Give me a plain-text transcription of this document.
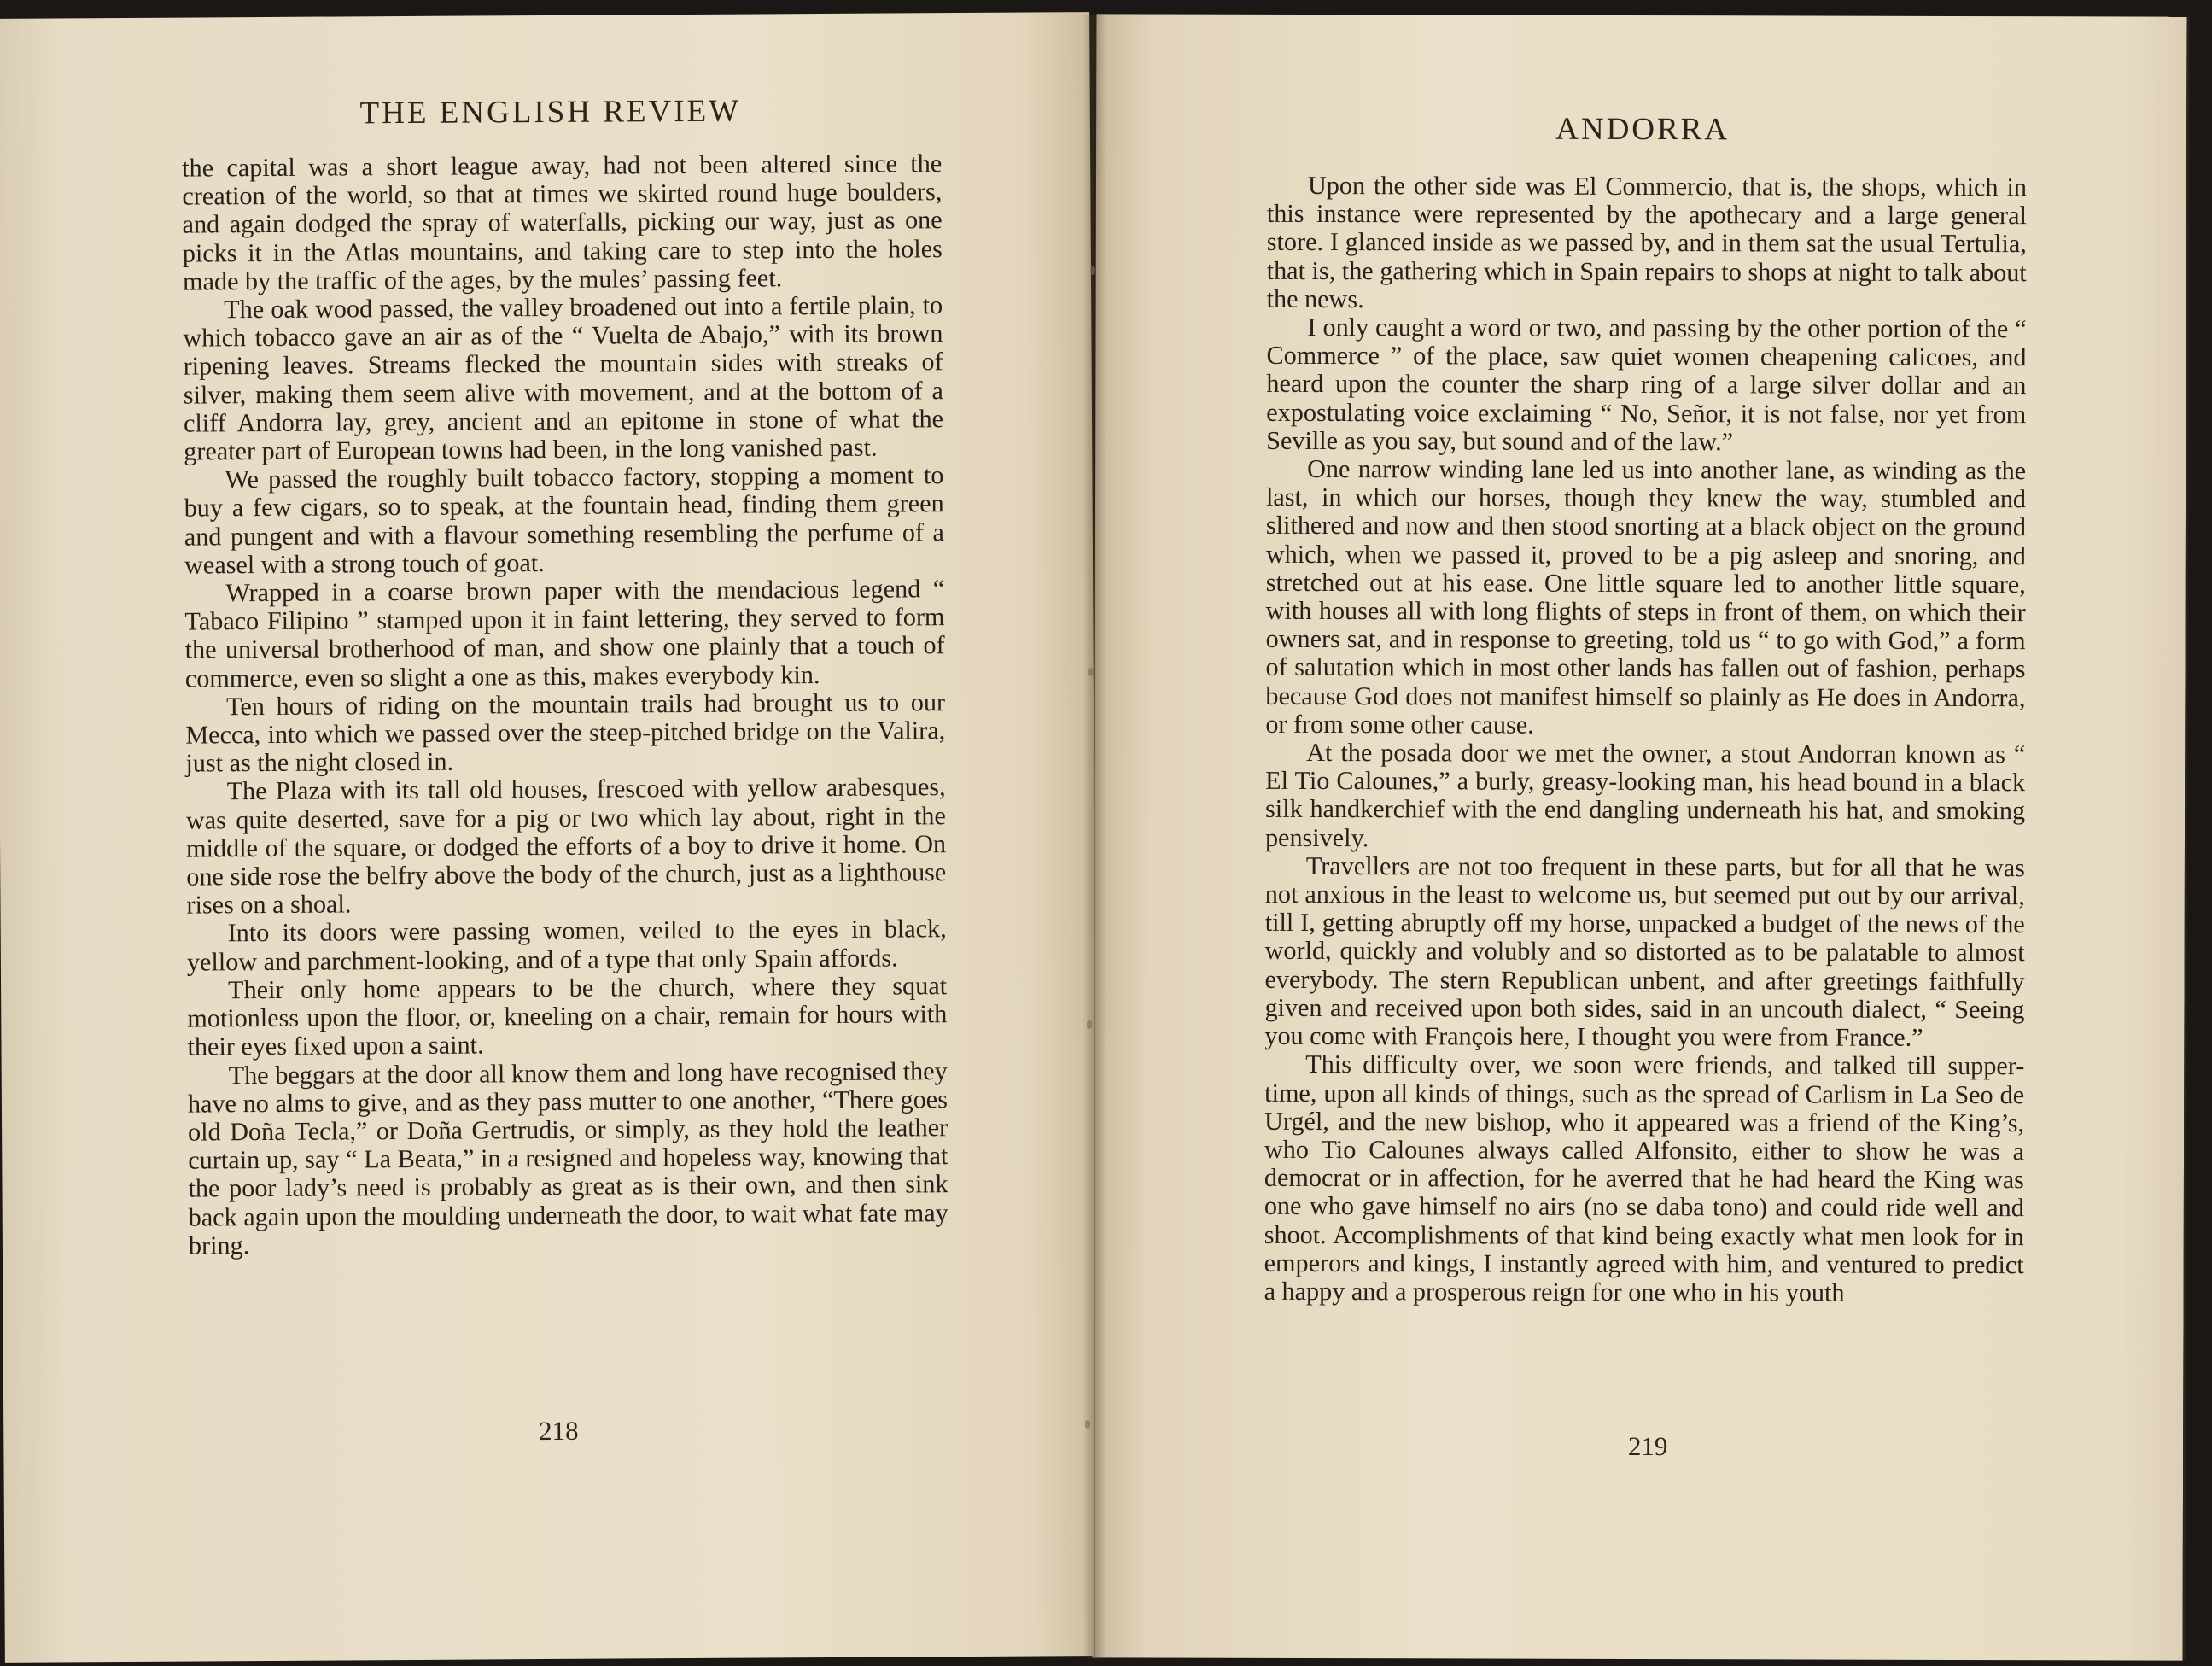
THE ENGLISH REVIEW

the capital was a short league away, had not been altered since the creation of the world, so that at times we skirted round huge boulders, and again dodged the spray of waterfalls, picking our way, just as one picks it in the Atlas mountains, and taking care to step into the holes made by the traffic of the ages, by the mules’ passing feet.

The oak wood passed, the valley broadened out into a fertile plain, to which tobacco gave an air as of the “ Vuelta de Abajo,” with its brown ripening leaves. Streams flecked the mountain sides with streaks of silver, making them seem alive with movement, and at the bottom of a cliff Andorra lay, grey, ancient and an epitome in stone of what the greater part of European towns had been, in the long vanished past.

We passed the roughly built tobacco factory, stopping a moment to buy a few cigars, so to speak, at the fountain head, finding them green and pungent and with a flavour something resembling the perfume of a weasel with a strong touch of goat.

Wrapped in a coarse brown paper with the mendacious legend “ Tabaco Filipino ” stamped upon it in faint lettering, they served to form the universal brotherhood of man, and show one plainly that a touch of commerce, even so slight a one as this, makes everybody kin.

Ten hours of riding on the mountain trails had brought us to our Mecca, into which we passed over the steep-pitched bridge on the Valira, just as the night closed in.

The Plaza with its tall old houses, frescoed with yellow arabesques, was quite deserted, save for a pig or two which lay about, right in the middle of the square, or dodged the efforts of a boy to drive it home. On one side rose the belfry above the body of the church, just as a lighthouse rises on a shoal.

Into its doors were passing women, veiled to the eyes in black, yellow and parchment-looking, and of a type that only Spain affords.

Their only home appears to be the church, where they squat motionless upon the floor, or, kneeling on a chair, remain for hours with their eyes fixed upon a saint.

The beggars at the door all know them and long have recognised they have no alms to give, and as they pass mutter to one another, “There goes old Doña Tecla,” or Doña Gertrudis, or simply, as they hold the leather curtain up, say “ La Beata,” in a resigned and hopeless way, knowing that the poor lady’s need is probably as great as is their own, and then sink back again upon the moulding underneath the door, to wait what fate may bring.

218
ANDORRA

Upon the other side was El Commercio, that is, the shops, which in this instance were represented by the apothecary and a large general store. I glanced inside as we passed by, and in them sat the usual Tertulia, that is, the gathering which in Spain repairs to shops at night to talk about the news.

I only caught a word or two, and passing by the other portion of the “ Commerce ” of the place, saw quiet women cheapening calicoes, and heard upon the counter the sharp ring of a large silver dollar and an expostulating voice exclaiming “ No, Señor, it is not false, nor yet from Seville as you say, but sound and of the law.”

One narrow winding lane led us into another lane, as winding as the last, in which our horses, though they knew the way, stumbled and slithered and now and then stood snorting at a black object on the ground which, when we passed it, proved to be a pig asleep and snoring, and stretched out at his ease. One little square led to another little square, with houses all with long flights of steps in front of them, on which their owners sat, and in response to greeting, told us “ to go with God,” a form of salutation which in most other lands has fallen out of fashion, perhaps because God does not manifest himself so plainly as He does in Andorra, or from some other cause.

At the posada door we met the owner, a stout Andorran known as “ El Tio Calounes,” a burly, greasy-looking man, his head bound in a black silk handkerchief with the end dangling underneath his hat, and smoking pensively.

Travellers are not too frequent in these parts, but for all that he was not anxious in the least to welcome us, but seemed put out by our arrival, till I, getting abruptly off my horse, unpacked a budget of the news of the world, quickly and volubly and so distorted as to be palatable to almost everybody. The stern Republican unbent, and after greetings faithfully given and received upon both sides, said in an uncouth dialect, “ Seeing you come with François here, I thought you were from France.”

This difficulty over, we soon were friends, and talked till supper-time, upon all kinds of things, such as the spread of Carlism in La Seo de Urgél, and the new bishop, who it appeared was a friend of the King’s, who Tio Calounes always called Alfonsito, either to show he was a democrat or in affection, for he averred that he had heard the King was one who gave himself no airs (no se daba tono) and could ride well and shoot. Accomplishments of that kind being exactly what men look for in emperors and kings, I instantly agreed with him, and ventured to predict a happy and a prosperous reign for one who in his youth

219
